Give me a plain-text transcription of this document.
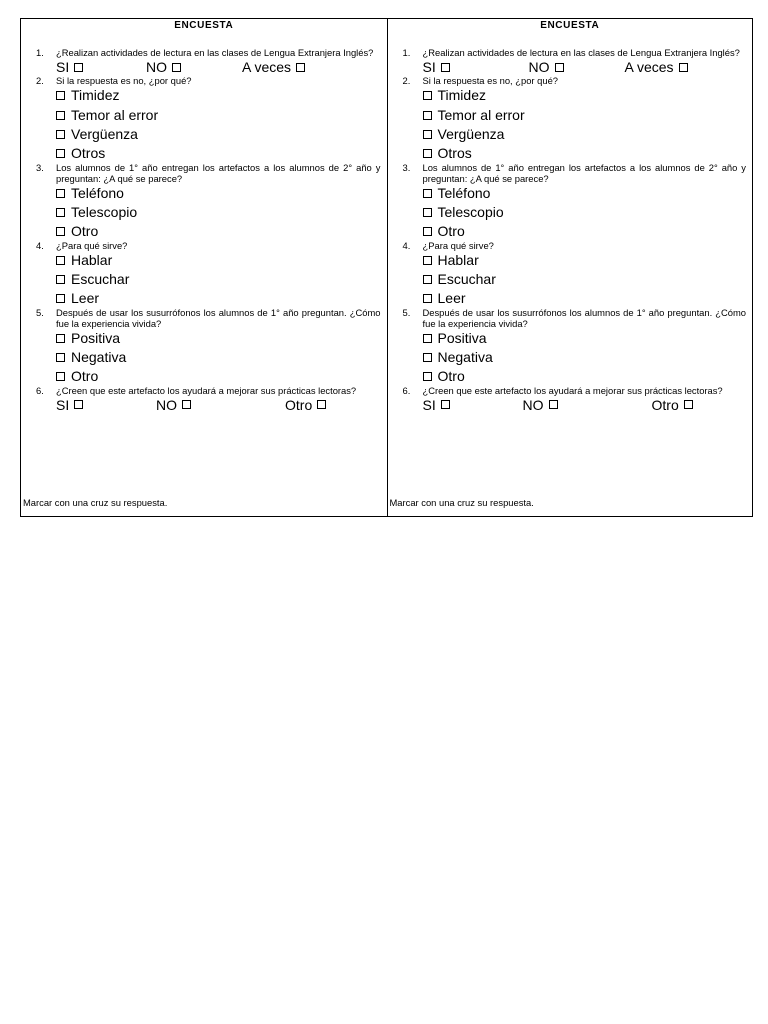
ENCUESTA
1. ¿Realizan actividades de lectura en las clases de Lengua Extranjera Inglés?
SI	NO	A veces
2. Si la respuesta es no, ¿por qué?
Timidez
Temor al error
Vergüenza
Otros
3. Los alumnos de 1° año entregan los artefactos a los alumnos de 2° año y preguntan: ¿A qué se parece?
Teléfono
Telescopio
Otro
4. ¿Para qué sirve?
Hablar
Escuchar
Leer
5. Después de usar los susurrófonos los alumnos de 1° año preguntan. ¿Cómo fue la experiencia vivida?
Positiva
Negativa
Otro
6. ¿Creen que este artefacto los ayudará a mejorar sus prácticas lectoras?
SI	NO	Otro
Marcar con una cruz su respuesta.
ENCUESTA
1. ¿Realizan actividades de lectura en las clases de Lengua Extranjera Inglés?
SI	NO	A veces
2. Si la respuesta es no, ¿por qué?
Timidez
Temor al error
Vergüenza
Otros
3. Los alumnos de 1° año entregan los artefactos a los alumnos de 2° año y preguntan: ¿A qué se parece?
Teléfono
Telescopio
Otro
4. ¿Para qué sirve?
Hablar
Escuchar
Leer
5. Después de usar los susurrófonos los alumnos de 1° año preguntan. ¿Cómo fue la experiencia vivida?
Positiva
Negativa
Otro
6. ¿Creen que este artefacto los ayudará a mejorar sus prácticas lectoras?
SI	NO	Otro
Marcar con una cruz su respuesta.
